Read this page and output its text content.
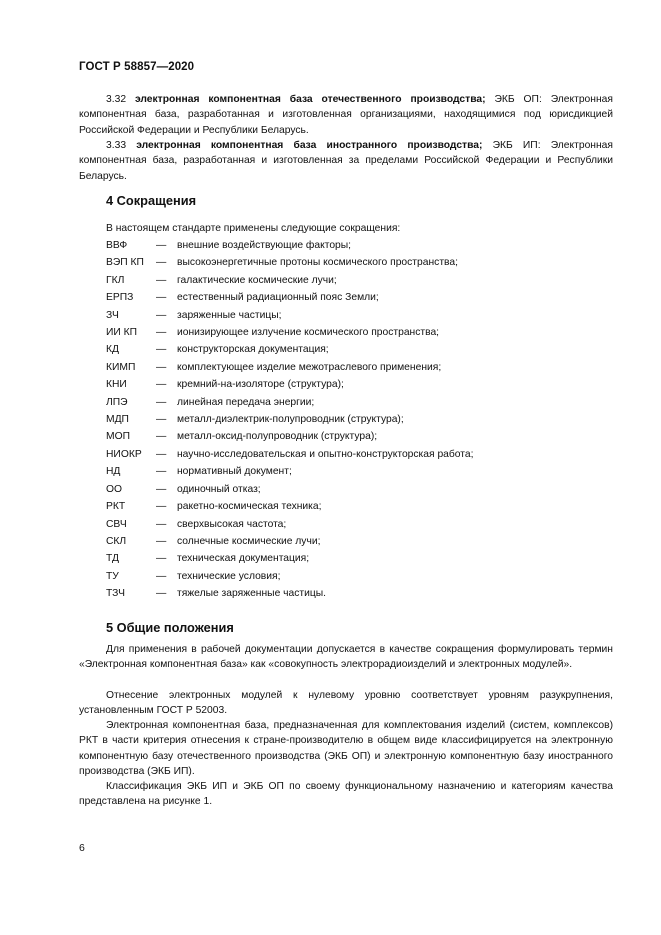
ГОСТ Р 58857—2020

3.32 электронная компонентная база отечественного производства; ЭКБ ОП: Электронная компонентная база, разработанная и изготовленная организациями, находящимися под юрисдикцией Российской Федерации и Республики Беларусь.

3.33 электронная компонентная база иностранного производства; ЭКБ ИП: Электронная компонентная база, разработанная и изготовленная за пределами Российской Федерации и Республики Беларусь.

4 Сокращения
В настоящем стандарте применены следующие сокращения:
ВВФ	— внешние воздействующие факторы;
ВЭП КП — высокоэнергетичные протоны космического пространства;
ГКЛ	— галактические космические лучи;
ЕРПЗ — естественный радиационный пояс Земли;
ЗЧ	— заряженные частицы;
ИИ КП — ионизирующее излучение космического пространства;
КД	— конструкторская документация;
КИМП — комплектующее изделие межотраслевого применения;
КНИ	— кремний-на-изоляторе (структура);
ЛПЭ	— линейная передача энергии;
МДП	— металл-диэлектрик-полупроводник (структура);
МОП	— металл-оксид-полупроводник (структура);
НИОКР — научно-исследовательская и опытно-конструкторская работа;
НД	— нормативный документ;
ОО	— одиночный отказ;
РКТ	— ракетно-космическая техника;
СВЧ	— сверхвысокая частота;
СКЛ	— солнечные космические лучи;
ТД	— техническая документация;
ТУ	— технические условия;
ТЗЧ	— тяжелые заряженные частицы.
5 Общие положения

Для применения в рабочей документации допускается в качестве сокращения формулировать термин «Электронная компонентная база» как «совокупность электрорадиоизделий и электронных модулей».

Отнесение электронных модулей к нулевому уровню соответствует уровням разукрупнения, установленным ГОСТ Р 52003.

Электронная компонентная база, предназначенная для комплектования изделий (систем, комплексов) РКТ в части критерия отнесения к стране-производителю в общем виде классифицируется на электронную компонентную базу отечественного производства (ЭКБ ОП) и электронную компонентную базу иностранного производства (ЭКБ ИП).

Классификация ЭКБ ИП и ЭКБ ОП по своему функциональному назначению и категориям качества представлена на рисунке 1.

6
